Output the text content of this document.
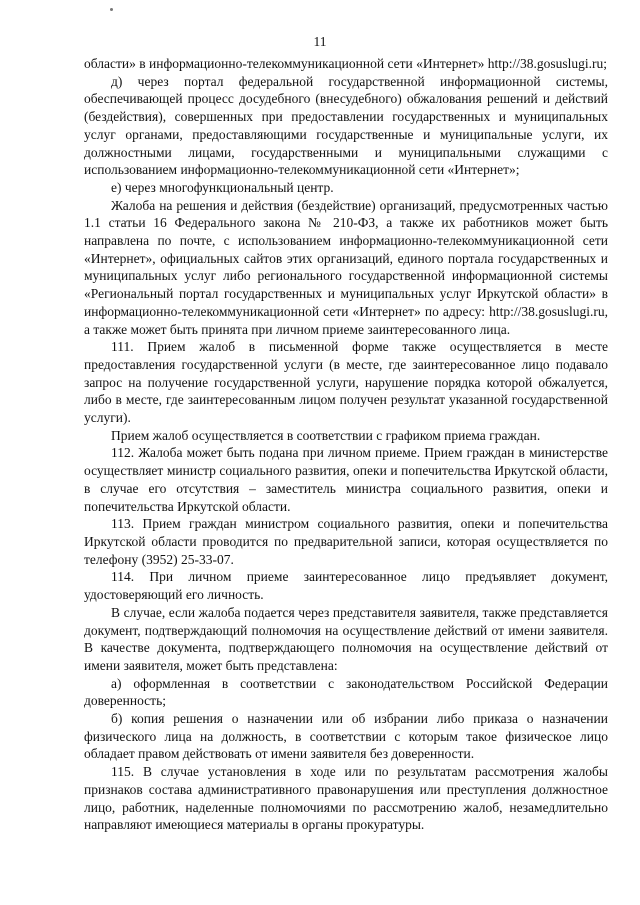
11

области» в информационно-телекоммуникационной сети «Интернет» http://38.gosuslugi.ru;

д) через портал федеральной государственной информационной системы, обеспечивающей процесс досудебного (внесудебного) обжалования решений и действий (бездействия), совершенных при предоставлении государственных и муниципальных услуг органами, предоставляющими государственные и муниципальные услуги, их должностными лицами, государственными и муниципальными служащими с использованием информационно-телекоммуникационной сети «Интернет»;

е) через многофункциональный центр.

Жалоба на решения и действия (бездействие) организаций, предусмотренных частью 1.1 статьи 16 Федерального закона № 210-ФЗ, а также их работников может быть направлена по почте, с использованием информационно-телекоммуникационной сети «Интернет», официальных сайтов этих организаций, единого портала государственных и муниципальных услуг либо регионального государственной информационной системы «Региональный портал государственных и муниципальных услуг Иркутской области» в информационно-телекоммуникационной сети «Интернет» по адресу: http://38.gosuslugi.ru, а также может быть принята при личном приеме заинтересованного лица.

111. Прием жалоб в письменной форме также осуществляется в месте предоставления государственной услуги (в месте, где заинтересованное лицо подавало запрос на получение государственной услуги, нарушение порядка которой обжалуется, либо в месте, где заинтересованным лицом получен результат указанной государственной услуги).

Прием жалоб осуществляется в соответствии с графиком приема граждан.

112. Жалоба может быть подана при личном приеме. Прием граждан в министерстве осуществляет министр социального развития, опеки и попечительства Иркутской области, в случае его отсутствия – заместитель министра социального развития, опеки и попечительства Иркутской области.

113. Прием граждан министром социального развития, опеки и попечительства Иркутской области проводится по предварительной записи, которая осуществляется по телефону (3952) 25-33-07.

114. При личном приеме заинтересованное лицо предъявляет документ, удостоверяющий его личность.

В случае, если жалоба подается через представителя заявителя, также представляется документ, подтверждающий полномочия на осуществление действий от имени заявителя. В качестве документа, подтверждающего полномочия на осуществление действий от имени заявителя, может быть представлена:

а) оформленная в соответствии с законодательством Российской Федерации доверенность;

б) копия решения о назначении или об избрании либо приказа о назначении физического лица на должность, в соответствии с которым такое физическое лицо обладает правом действовать от имени заявителя без доверенности.

115. В случае установления в ходе или по результатам рассмотрения жалобы признаков состава административного правонарушения или преступления должностное лицо, работник, наделенные полномочиями по рассмотрению жалоб, незамедлительно направляют имеющиеся материалы в органы прокуратуры.
